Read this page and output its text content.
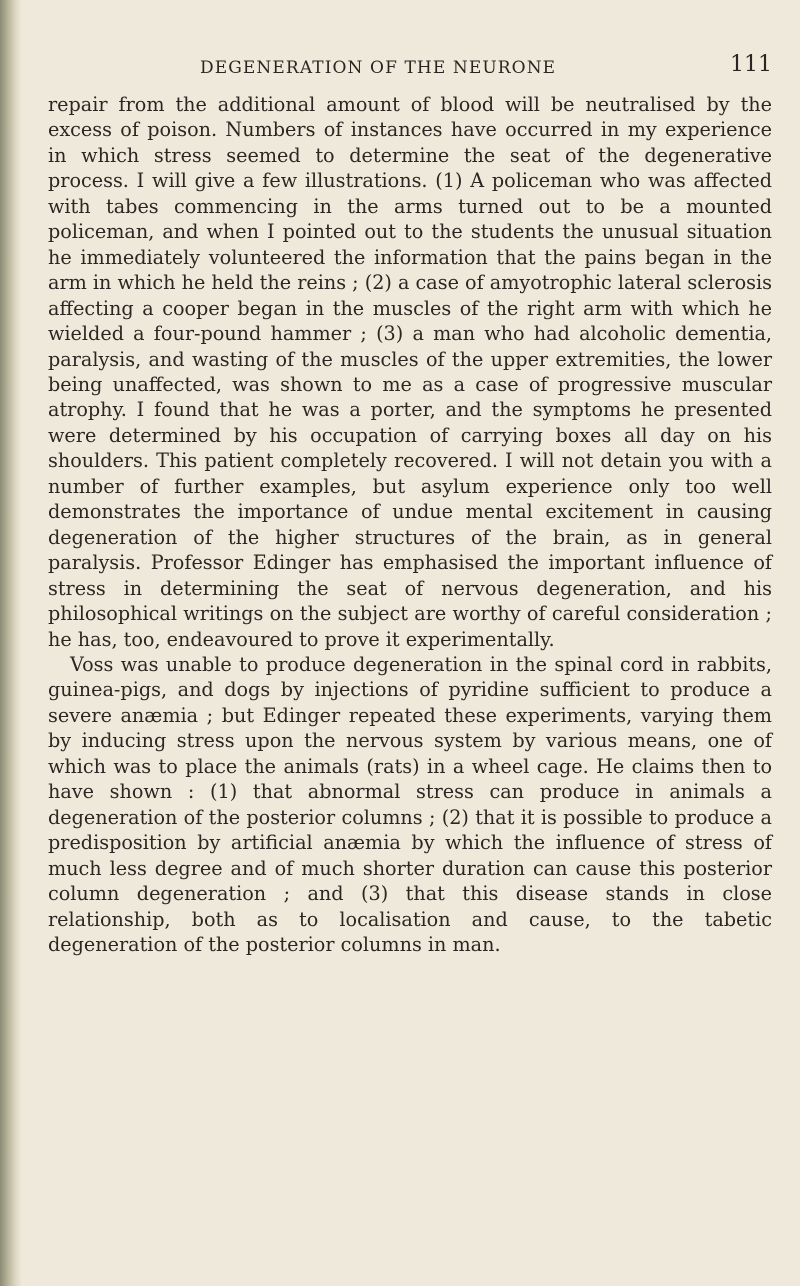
DEGENERATION OF THE NEURONE	111

repair from the additional amount of blood will be neutralised by the excess of poison. Numbers of instances have occurred in my experience in which stress seemed to determine the seat of the degenerative process. I will give a few illustrations. (1) A policeman who was affected with tabes commencing in the arms turned out to be a mounted policeman, and when I pointed out to the students the unusual situation he immediately volunteered the information that the pains began in the arm in which he held the reins ; (2) a case of amyotrophic lateral sclerosis affecting a cooper began in the muscles of the right arm with which he wielded a four-pound hammer ; (3) a man who had alcoholic dementia, paralysis, and wasting of the muscles of the upper extremities, the lower being unaffected, was shown to me as a case of progressive muscular atrophy. I found that he was a porter, and the symptoms he presented were determined by his occupation of carrying boxes all day on his shoulders. This patient completely recovered. I will not detain you with a number of further examples, but asylum experience only too well demonstrates the importance of undue mental excitement in causing degeneration of the higher structures of the brain, as in general paralysis. Professor Edinger has emphasised the important influence of stress in determining the seat of nervous degeneration, and his philosophical writings on the subject are worthy of careful consideration ; he has, too, endeavoured to prove it experimentally.

Voss was unable to produce degeneration in the spinal cord in rabbits, guinea-pigs, and dogs by injections of pyridine sufficient to produce a severe anæmia ; but Edinger repeated these experiments, varying them by inducing stress upon the nervous system by various means, one of which was to place the animals (rats) in a wheel cage. He claims then to have shown : (1) that abnormal stress can produce in animals a degeneration of the posterior columns ; (2) that it is possible to produce a predisposition by artificial anæmia by which the influence of stress of much less degree and of much shorter duration can cause this posterior column degeneration ; and (3) that this disease stands in close relationship, both as to localisation and cause, to the tabetic degeneration of the posterior columns in man.
